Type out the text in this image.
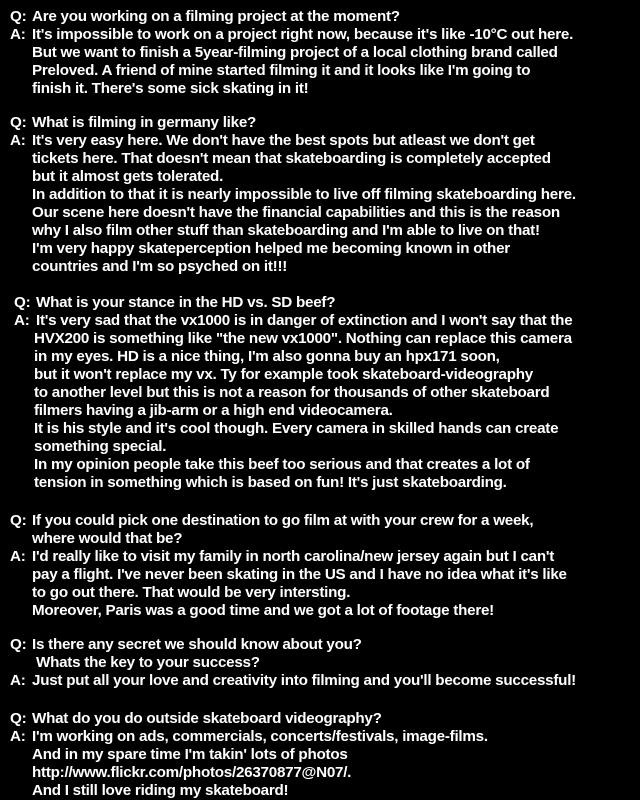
Q: Are you working on a filming project at the moment?
A: It's impossible to work on a project right now, because it's like -10°C out here.
But we want to finish a 5year-filming project of a local clothing brand called
Preloved. A friend of mine started filming it and it looks like I'm going to
finish it. There's some sick skating in it!
Q: What is filming in germany like?
A: It's very easy here. We don't have the best spots but atleast we don't get
tickets here. That doesn't mean that skateboarding is completely accepted
but it almost gets tolerated.
In addition to that it is nearly impossible to live off filming skateboarding here.
Our scene here doesn't have the financial capabilities and this is the reason
why I also film other stuff than skateboarding and I'm able to live on that!
I'm very happy skateperception helped me becoming known in other
countries and I'm so psyched on it!!!
Q: What is your stance in the HD vs. SD beef?
A: It's very sad that the vx1000 is in danger of extinction and I won't say that the
HVX200 is something like "the new vx1000". Nothing can replace this camera
in my eyes. HD is a nice thing, I'm also gonna buy an hpx171 soon,
but it won't replace my vx. Ty for example took skateboard-videography
to another level but this is not a reason for thousands of other skateboard
filmers having a jib-arm or a high end videocamera.
It is his style and it's cool though. Every camera in skilled hands can create
something special.
In my opinion people take this beef too serious and that creates a lot of
tension in something which is based on fun! It's just skateboarding.
Q: If you could pick one destination to go film at with your crew for a week,
where would that be?
A: I'd really like to visit my family in north carolina/new jersey again but I can't
pay a flight. I've never been skating in the US and I have no idea what it's like
to go out there. That would be very intersting.
Moreover, Paris was a good time and we got a lot of footage there!
Q: Is there any secret we should know about you?
Whats the key to your success?
A: Just put all your love and creativity into filming and you'll become successful!
Q: What do you do outside skateboard videography?
A: I'm working on ads, commercials, concerts/festivals, image-films.
And in my spare time I'm takin' lots of photos
http://www.flickr.com/photos/26370877@N07/.
And I still love riding my skateboard!
